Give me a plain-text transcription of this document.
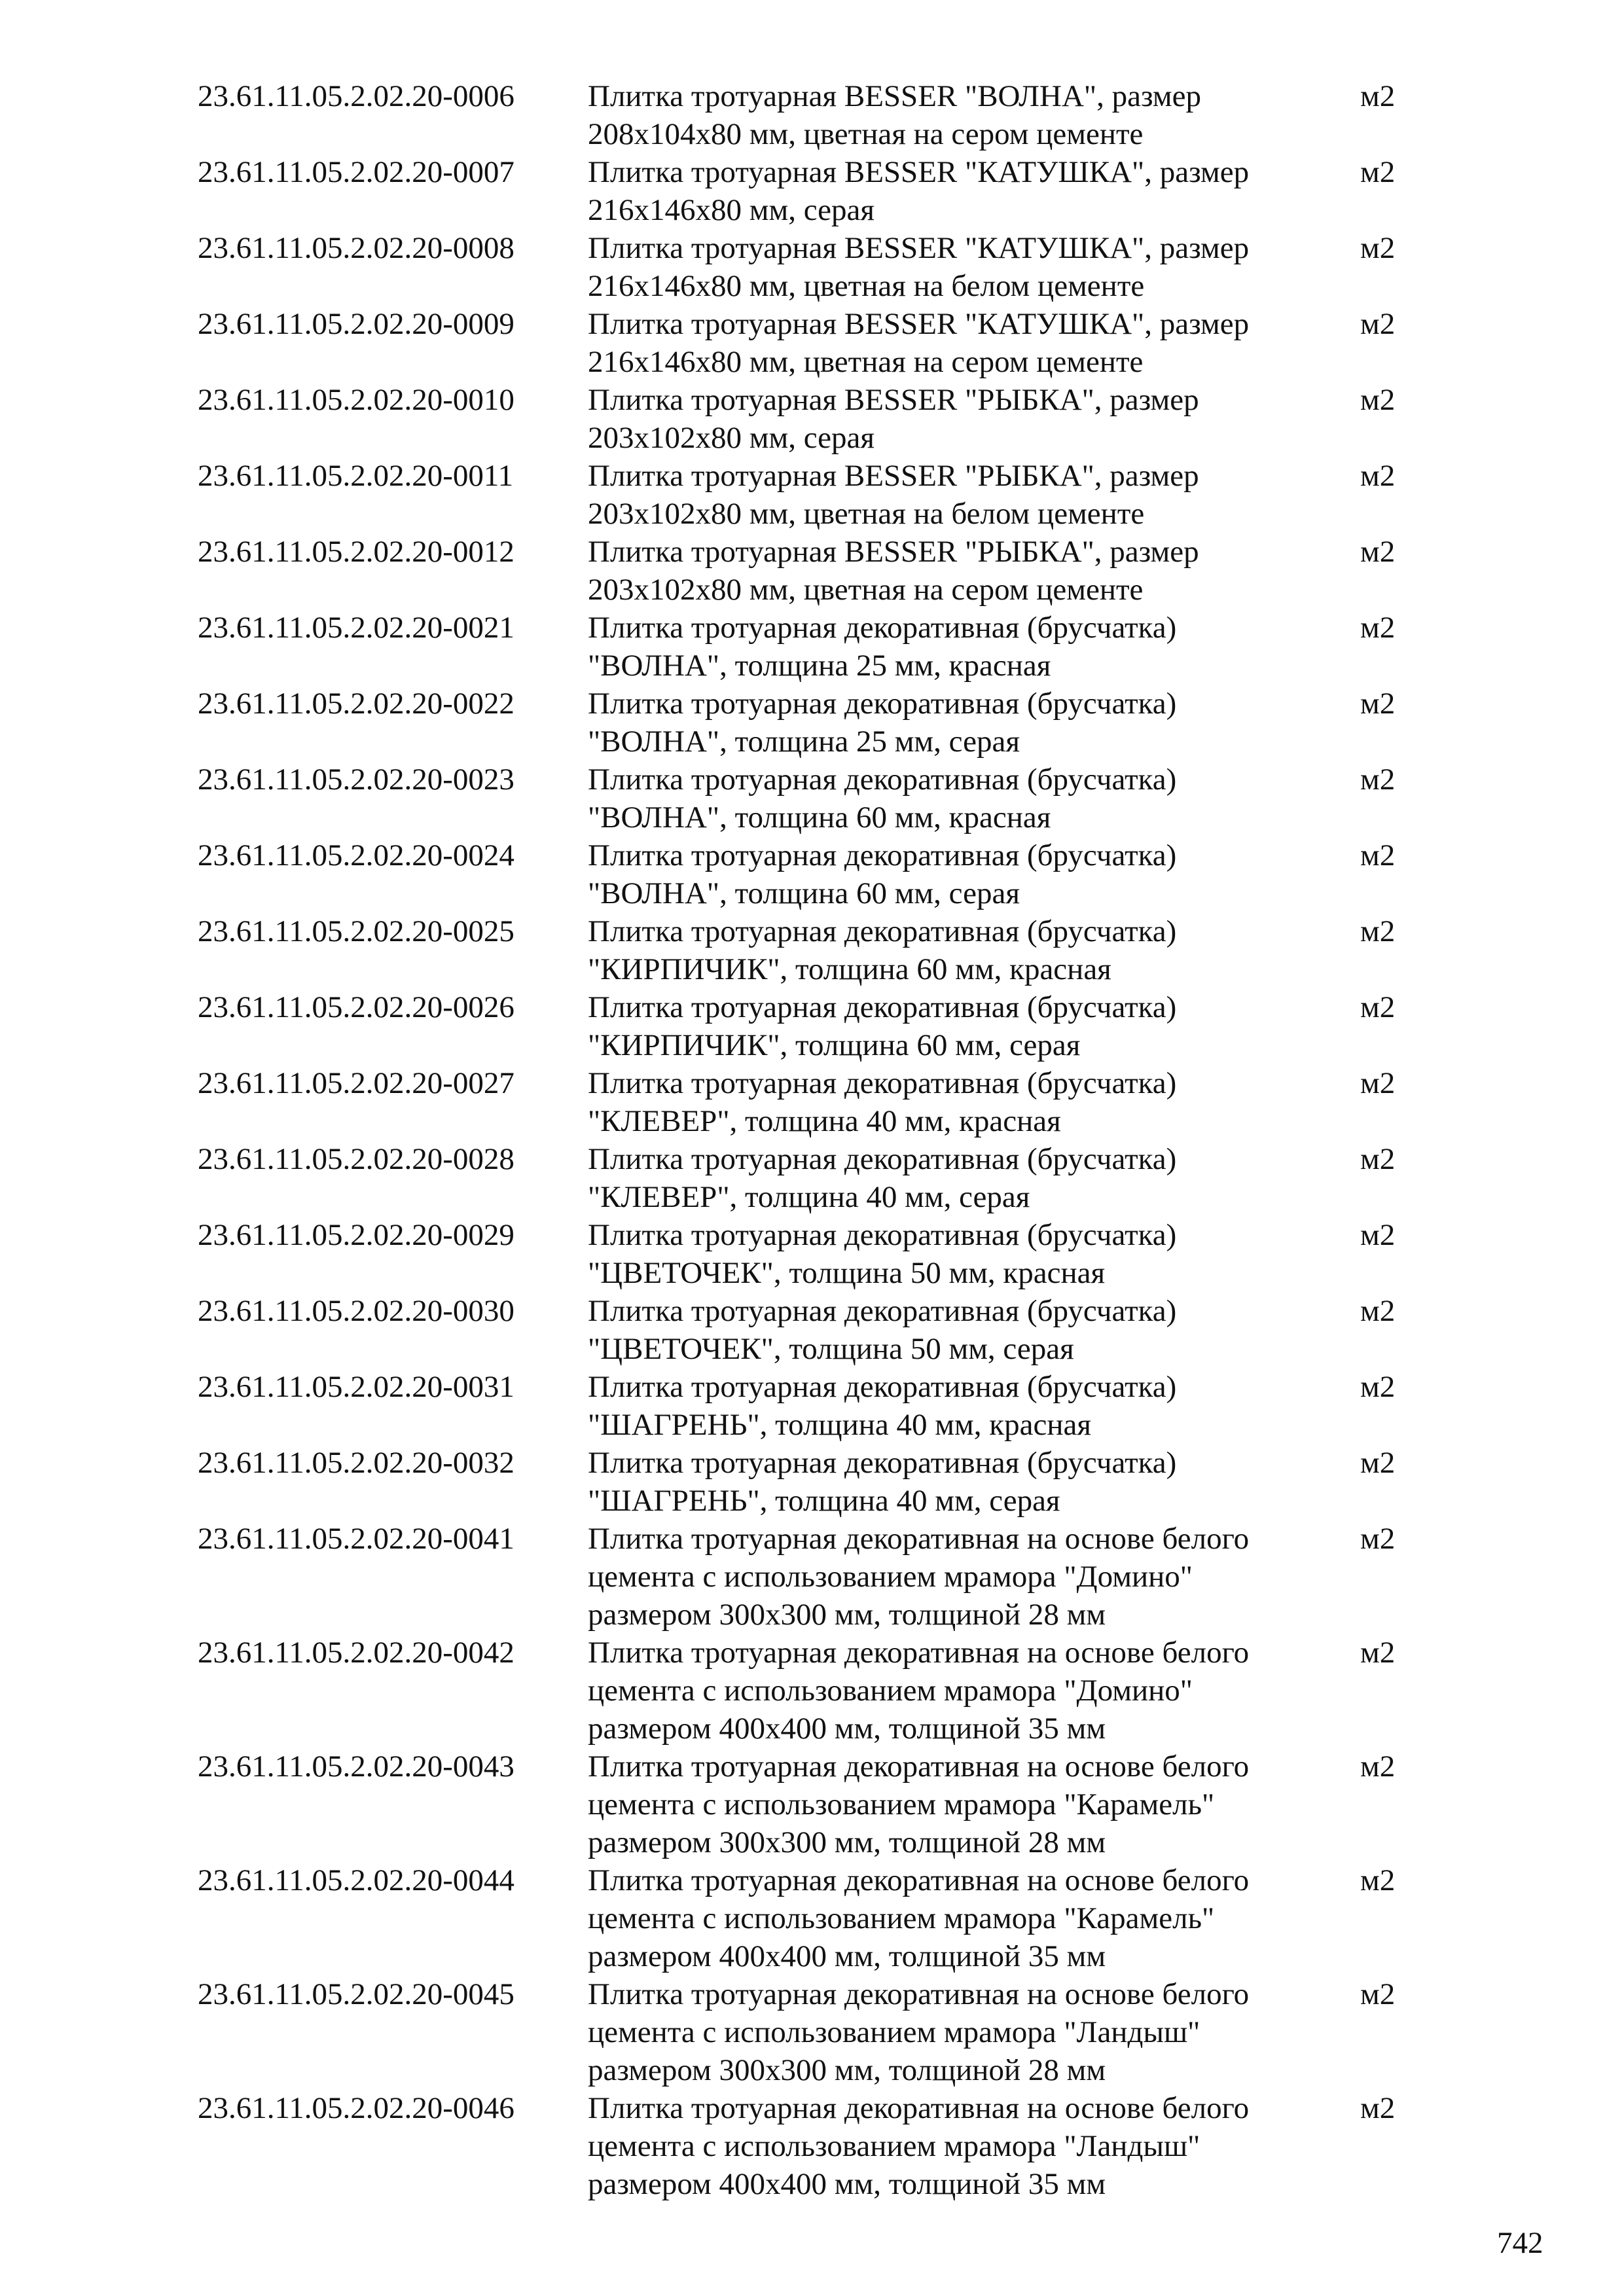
23.61.11.05.2.02.20-0006	Плитка тротуарная BESSER "ВОЛНА", размер
208х104х80 мм, цветная на сером цементе
м2
23.61.11.05.2.02.20-0007	Плитка тротуарная BESSER "КАТУШКА", размер
216х146х80 мм, серая
м2
23.61.11.05.2.02.20-0008	Плитка тротуарная BESSER "КАТУШКА", размер
216х146х80 мм, цветная на белом цементе
м2
23.61.11.05.2.02.20-0009	Плитка тротуарная BESSER "КАТУШКА", размер
216х146х80 мм, цветная на сером цементе
м2
23.61.11.05.2.02.20-0010	Плитка тротуарная BESSER "РЫБКА", размер
203х102х80 мм, серая
м2
23.61.11.05.2.02.20-0011	Плитка тротуарная BESSER "РЫБКА", размер
203х102х80 мм, цветная на белом цементе
м2
23.61.11.05.2.02.20-0012	Плитка тротуарная BESSER "РЫБКА", размер
203х102х80 мм, цветная на сером цементе
м2
23.61.11.05.2.02.20-0021	Плитка тротуарная декоративная (брусчатка)
"ВОЛНА", толщина 25 мм, красная
м2
23.61.11.05.2.02.20-0022	Плитка тротуарная декоративная (брусчатка)
"ВОЛНА", толщина 25 мм, серая
м2
23.61.11.05.2.02.20-0023	Плитка тротуарная декоративная (брусчатка)
"ВОЛНА", толщина 60 мм, красная
м2
23.61.11.05.2.02.20-0024	Плитка тротуарная декоративная (брусчатка)
"ВОЛНА", толщина 60 мм, серая
м2
23.61.11.05.2.02.20-0025	Плитка тротуарная декоративная (брусчатка)
"КИРПИЧИК", толщина 60 мм, красная
м2
23.61.11.05.2.02.20-0026	Плитка тротуарная декоративная (брусчатка)
"КИРПИЧИК", толщина 60 мм, серая
м2
23.61.11.05.2.02.20-0027	Плитка тротуарная декоративная (брусчатка)
"КЛЕВЕР", толщина 40 мм, красная
м2
23.61.11.05.2.02.20-0028	Плитка тротуарная декоративная (брусчатка)
"КЛЕВЕР", толщина 40 мм, серая
м2
23.61.11.05.2.02.20-0029	Плитка тротуарная декоративная (брусчатка)
"ЦВЕТОЧЕК", толщина 50 мм, красная
м2
23.61.11.05.2.02.20-0030	Плитка тротуарная декоративная (брусчатка)
"ЦВЕТОЧЕК", толщина 50 мм, серая
м2
23.61.11.05.2.02.20-0031	Плитка тротуарная декоративная (брусчатка)
"ШАГРЕНЬ", толщина 40 мм, красная
м2
23.61.11.05.2.02.20-0032	Плитка тротуарная декоративная (брусчатка)
"ШАГРЕНЬ", толщина 40 мм, серая
м2
23.61.11.05.2.02.20-0041	Плитка тротуарная декоративная на основе белого
цемента с использованием мрамора "Домино"
размером 300х300 мм, толщиной 28 мм
м2
23.61.11.05.2.02.20-0042	Плитка тротуарная декоративная на основе белого
цемента с использованием мрамора "Домино"
размером 400х400 мм, толщиной 35 мм
м2
23.61.11.05.2.02.20-0043	Плитка тротуарная декоративная на основе белого
цемента с использованием мрамора "Карамель"
размером 300х300 мм, толщиной 28 мм
м2
23.61.11.05.2.02.20-0044	Плитка тротуарная декоративная на основе белого
цемента с использованием мрамора "Карамель"
размером 400х400 мм, толщиной 35 мм
м2
23.61.11.05.2.02.20-0045	Плитка тротуарная декоративная на основе белого
цемента с использованием мрамора "Ландыш"
размером 300х300 мм, толщиной 28 мм
м2
23.61.11.05.2.02.20-0046	Плитка тротуарная декоративная на основе белого
цемента с использованием мрамора "Ландыш"
размером 400х400 мм, толщиной 35 мм
м2
742
